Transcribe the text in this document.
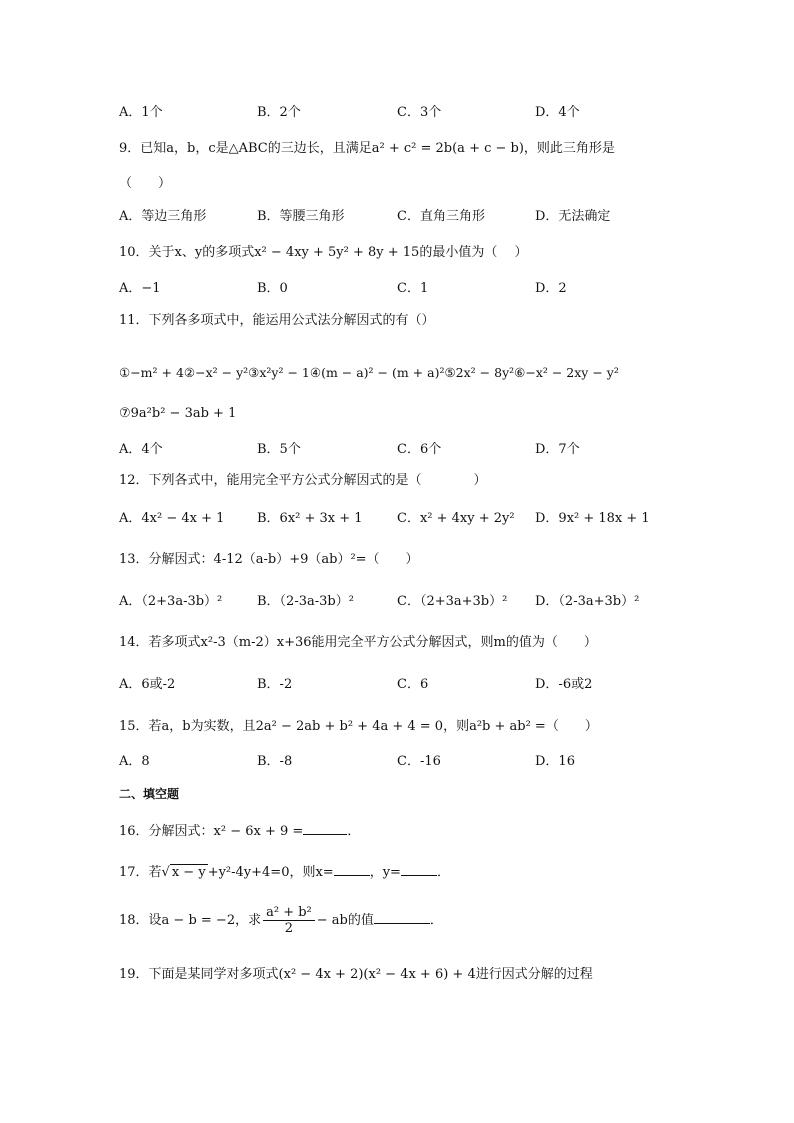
A．1个	B．2个	C．3个	D．4个
9．已知a，b，c是△ABC的三边长，且满足a² + c² = 2b(a + c − b)，则此三角形是
（　　）
A．等边三角形	B．等腰三角形	C．直角三角形	D．无法确定
10．关于x、y的多项式x² − 4xy + 5y² + 8y + 15的最小值为（　 ）
A．−1	B．0	C．1	D．2
11．下列各多项式中，能运用公式法分解因式的有（）
①−m² + 4②−x² − y²③x²y² − 1④(m − a)² − (m + a)²⑤2x² − 8y²⑥−x² − 2xy − y²
⑦9a²b² − 3ab + 1
A．4个	B．5个	C．6个	D．7个
12．下列各式中，能用完全平方公式分解因式的是（　　　　）
A．4x² − 4x + 1	B．6x² + 3x + 1	C．x² + 4xy + 2y² D．9x² + 18x + 1
13．分解因式：4-12（a-b）+9（ab）²=（　　）
A．（2+3a-3b）²	B．（2-3a-3b）²	C．（2+3a+3b）² D．（2-3a+3b）²
14．若多项式x²-3（m-2）x+36能用完全平方公式分解因式，则m的值为（　　）
A．6或-2	B．-2	C．6	D．-6或2
15．若a，b为实数，且2a² − 2ab + b² + 4a + 4 = 0，则a²b + ab² =（　　）
A．8	B．-8	C．-16	D．16
二、填空题
16．分解因式：x² − 6x + 9 =	．
17．若√ x − y +y²-4y+4=0，则x=	，y=	．
18．设a − b = −2，求 $\frac{\text{a² + b²}}{2}$ − ab的值	．
19．下面是某同学对多项式(x² − 4x + 2)(x² − 4x + 6) + 4进行因式分解的过程
